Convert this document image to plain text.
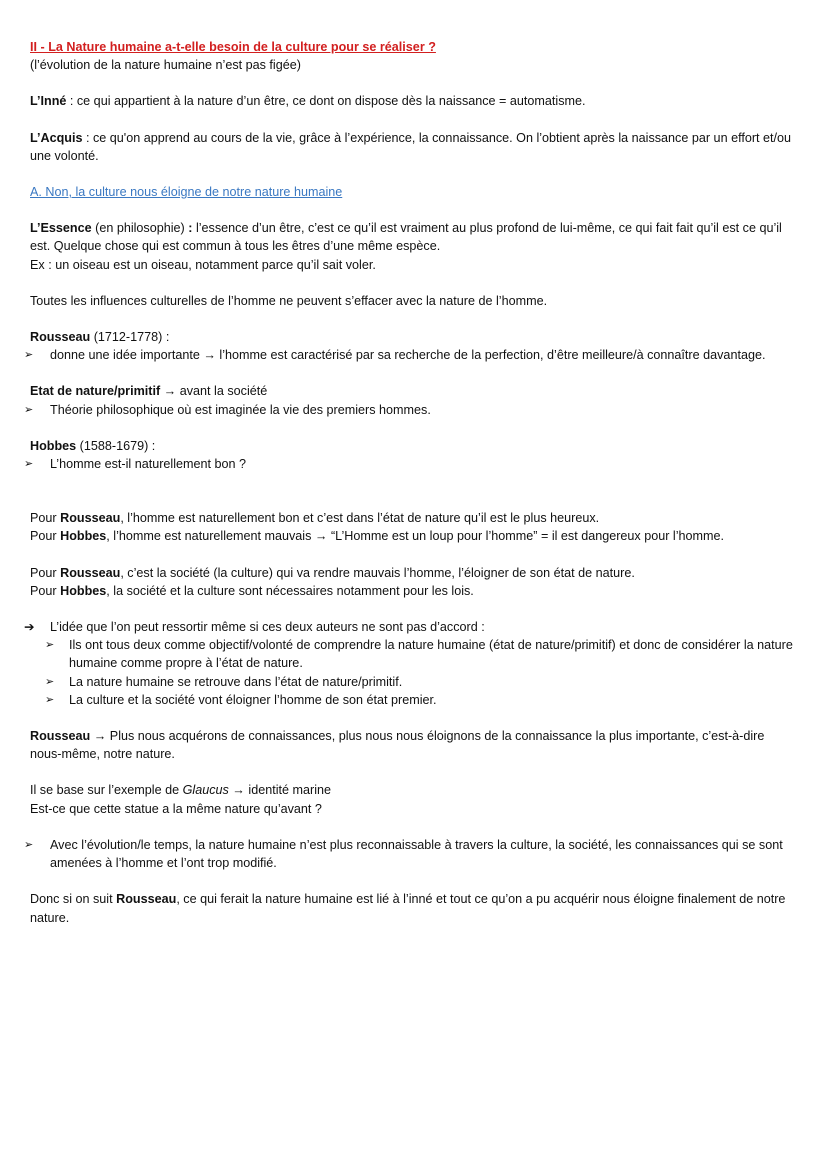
II - La Nature humaine a-t-elle besoin de la culture pour se réaliser ?

(l’évolution de la nature humaine n’est pas figée)

L’Inné : ce qui appartient à la nature d’un être, ce dont on dispose dès la naissance = automatisme.

L’Acquis : ce qu'on apprend au cours de la vie, grâce à l’expérience, la connaissance. On l’obtient après la naissance par un effort et/ou une volonté.

A. Non, la culture nous éloigne de notre nature humaine

L’Essence (en philosophie) : l’essence d’un être, c’est ce qu’il est vraiment au plus profond de lui-même, ce qui fait fait qu’il est ce qu’il est. Quelque chose qui est commun à tous les êtres d’une même espèce.

Ex : un oiseau est un oiseau, notamment parce qu’il sait voler.

Toutes les influences culturelles de l’homme ne peuvent s’effacer avec la nature de l’homme.

Rousseau (1712-1778) :

➢ donne une idée importante → l’homme est caractérisé par sa recherche de la perfection, d’être meilleure/à connaître davantage.

Etat de nature/primitif → avant la société

➢ Théorie philosophique où est imaginée la vie des premiers hommes.

Hobbes (1588-1679) :

➢ L’homme est-il naturellement bon ?

Pour Rousseau, l’homme est naturellement bon et c’est dans l’état de nature qu’il est le plus heureux.

Pour Hobbes, l’homme est naturellement mauvais → “L’Homme est un loup pour l’homme” = il est dangereux pour l’homme.

Pour Rousseau, c’est la société (la culture) qui va rendre mauvais l’homme, l’éloigner de son état de nature.

Pour Hobbes, la société et la culture sont nécessaires notamment pour les lois.

➔ L’idée que l’on peut ressortir même si ces deux auteurs ne sont pas d’accord :
➢ Ils ont tous deux comme objectif/volonté de comprendre la nature humaine (état de nature/primitif) et donc de considérer la nature humaine comme propre à l’état de nature.
➢ La nature humaine se retrouve dans l’état de nature/primitif.
➢ La culture et la société vont éloigner l’homme de son état premier.

Rousseau → Plus nous acquérons de connaissances, plus nous nous éloignons de la connaissance la plus importante, c’est-à-dire nous-même, notre nature.

Il se base sur l’exemple de Glaucus → identité marine

Est-ce que cette statue a la même nature qu’avant ?

➢ Avec l’évolution/le temps, la nature humaine n’est plus reconnaissable à travers la culture, la société, les connaissances qui se sont amenées à l’homme et l’ont trop modifié.

Donc si on suit Rousseau, ce qui ferait la nature humaine est lié à l’inné et tout ce qu’on a pu acquérir nous éloigne finalement de notre nature.
